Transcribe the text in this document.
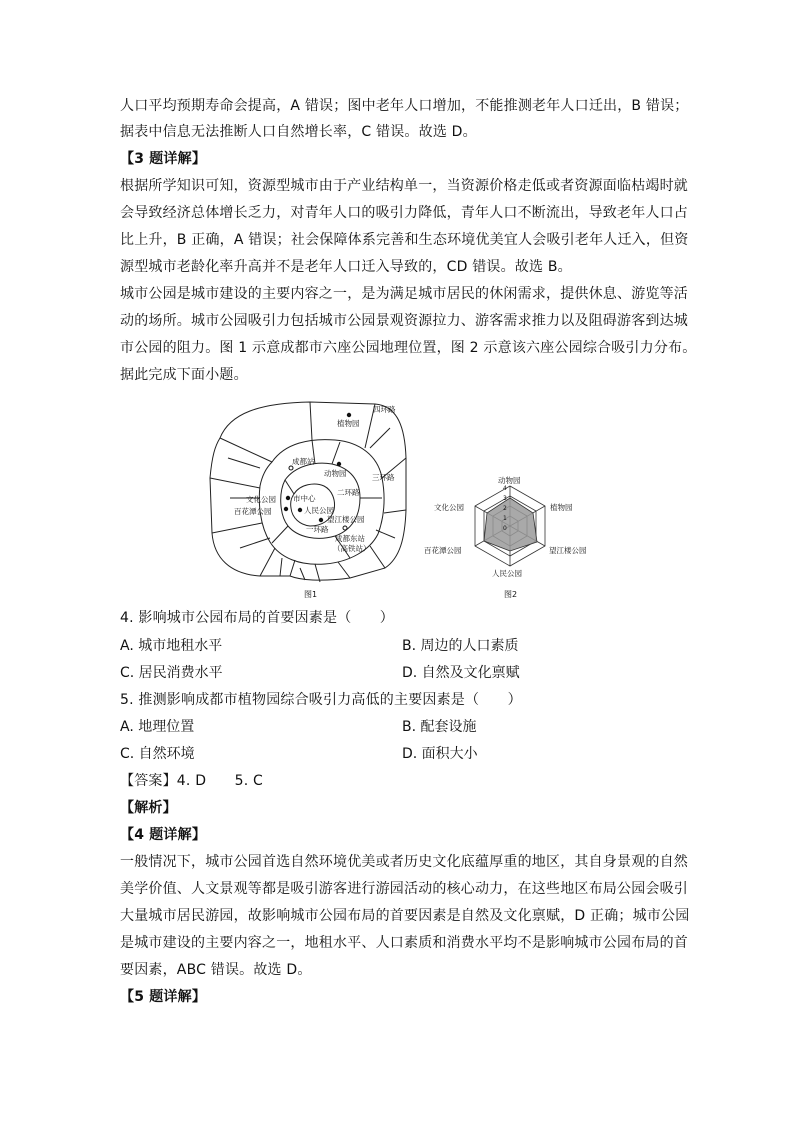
人口平均预期寿命会提高，A 错误；图中老年人口增加，不能推测老年人口迁出，B 错误；
据表中信息无法推断人口自然增长率，C 错误。故选 D。
【3 题详解】
根据所学知识可知，资源型城市由于产业结构单一，当资源价格走低或者资源面临枯竭时就
会导致经济总体增长乏力，对青年人口的吸引力降低，青年人口不断流出，导致老年人口占
比上升，B 正确，A 错误；社会保障体系完善和生态环境优美宜人会吸引老年人迁入，但资
源型城市老龄化率升高并不是老年人口迁入导致的，CD 错误。故选 B。
城市公园是城市建设的主要内容之一，是为满足城市居民的休闲需求，提供休息、游览等活
动的场所。城市公园吸引力包括城市公园景观资源拉力、游客需求推力以及阻碍游客到达城
市公园的阻力。图 1 示意成都市六座公园地理位置，图 2 示意该六座公园综合吸引力分布。
据此完成下面小题。
四环路
植物园
成都站
动物园	三环路
二环路
文化公园 市中心
百花潭公园	人民公园
望江楼公园
一环路
成都东站
（高铁站）
图1
4
3
2
1
0
动物园
植物园
望江楼公园
人民公园
百花潭公园
文化公园
图2
4. 影响城市公园布局的首要因素是（　　）
A. 城市地租水平	B. 周边的人口素质
C. 居民消费水平	D. 自然及文化禀赋
5. 推测影响成都市植物园综合吸引力高低的主要因素是（　　）
A. 地理位置	B. 配套设施
C. 自然环境	D. 面积大小
【答案】4. D　　5. C
【解析】
【4 题详解】
一般情况下，城市公园首选自然环境优美或者历史文化底蕴厚重的地区，其自身景观的自然
美学价值、人文景观等都是吸引游客进行游园活动的核心动力，在这些地区布局公园会吸引
大量城市居民游园，故影响城市公园布局的首要因素是自然及文化禀赋，D 正确；城市公园
是城市建设的主要内容之一，地租水平、人口素质和消费水平均不是影响城市公园布局的首
要因素，ABC 错误。故选 D。
【5 题详解】
